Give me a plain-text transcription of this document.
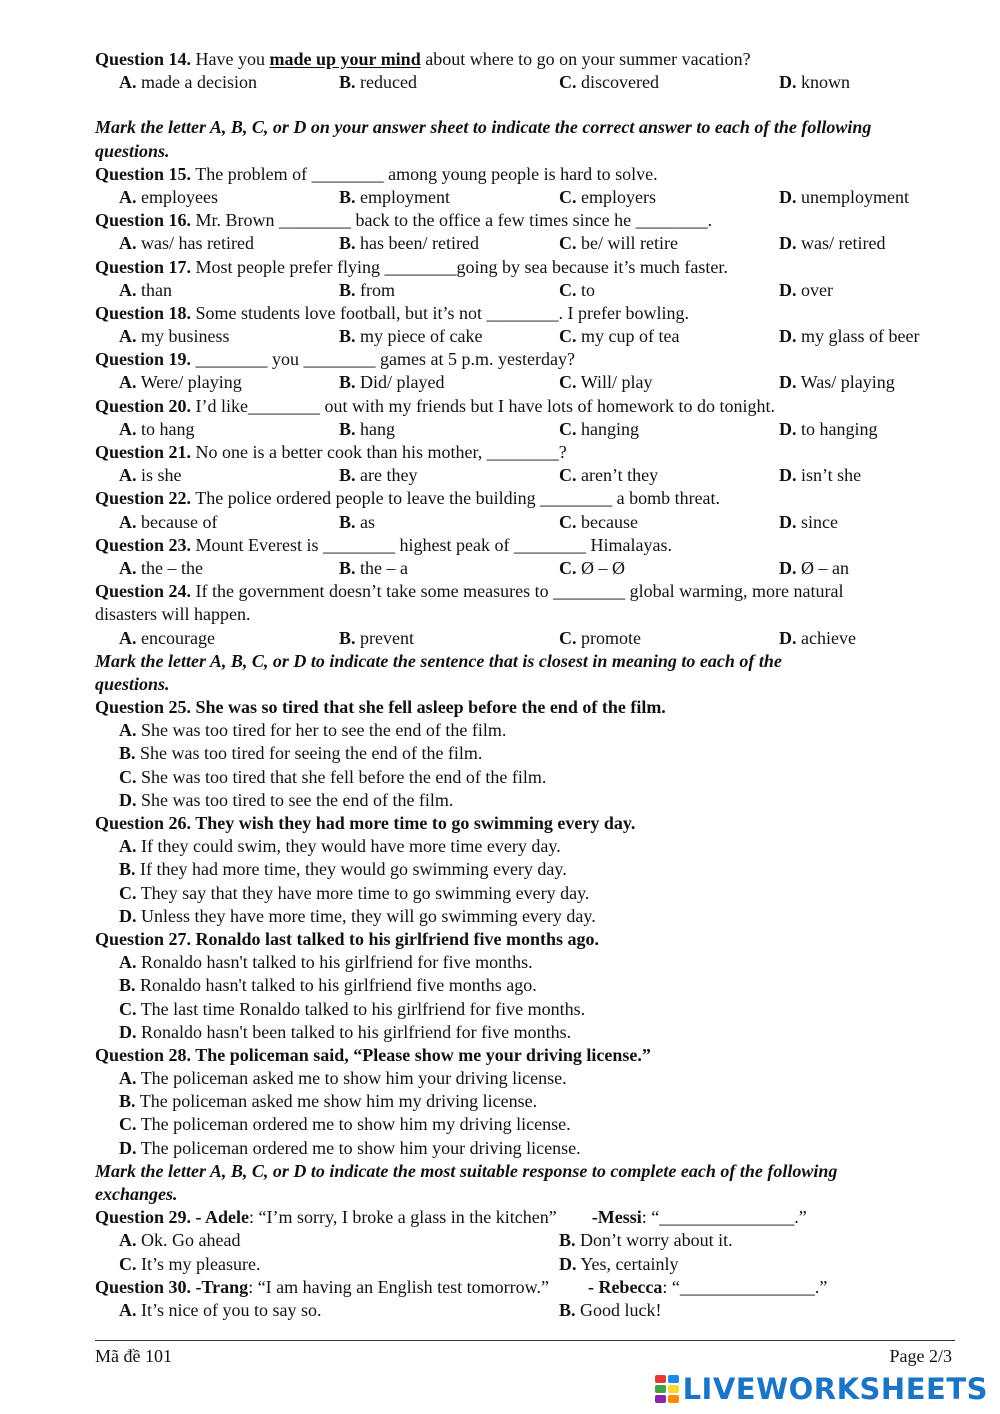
Question 14. Have you made up your mind about where to go on your summer vacation?
A. made a decision	B. reduced	C. discovered	D. known
Mark the letter A, B, C, or D on your answer sheet to indicate the correct answer to each of the following
questions.
Question 15. The problem of ________ among young people is hard to solve.
A. employees	B. employment	C. employers	D. unemployment
Question 16. Mr. Brown ________ back to the office a few times since he ________.
A. was/ has retired	B. has been/ retired	C. be/ will retire	D. was/ retired
Question 17. Most people prefer flying ________going by sea because it’s much faster.
A. than	B. from	C. to	D. over
Question 18. Some students love football, but it’s not ________. I prefer bowling.
A. my business	B. my piece of cake	C. my cup of tea	D. my glass of beer
Question 19. ________ you ________ games at 5 p.m. yesterday?
A. Were/ playing	B. Did/ played	C. Will/ play	D. Was/ playing
Question 20. I’d like________ out with my friends but I have lots of homework to do tonight.
A. to hang	B. hang	C. hanging	D. to hanging
Question 21. No one is a better cook than his mother, ________?
A. is she	B. are they	C. aren’t they	D. isn’t she
Question 22. The police ordered people to leave the building ________ a bomb threat.
A. because of	B. as	C. because	D. since
Question 23. Mount Everest is ________ highest peak of ________ Himalayas.
A. the – the	B. the – a	C. Ø – Ø	D. Ø – an
Question 24. If the government doesn’t take some measures to ________ global warming, more natural
disasters will happen.
A. encourage	B. prevent	C. promote	D. achieve
Mark the letter A, B, C, or D to indicate the sentence that is closest in meaning to each of the
questions.
Question 25. She was so tired that she fell asleep before the end of the film.
A. She was too tired for her to see the end of the film.
B. She was too tired for seeing the end of the film.
C. She was too tired that she fell before the end of the film.
D. She was too tired to see the end of the film.
Question 26. They wish they had more time to go swimming every day.
A. If they could swim, they would have more time every day.
B. If they had more time, they would go swimming every day.
C. They say that they have more time to go swimming every day.
D. Unless they have more time, they will go swimming every day.
Question 27. Ronaldo last talked to his girlfriend five months ago.
A. Ronaldo hasn't talked to his girlfriend for five months.
B. Ronaldo hasn't talked to his girlfriend five months ago.
C. The last time Ronaldo talked to his girlfriend for five months.
D. Ronaldo hasn't been talked to his girlfriend for five months.
Question 28. The policeman said, “Please show me your driving license.”
A. The policeman asked me to show him your driving license.
B. The policeman asked me show him my driving license.
C. The policeman ordered me to show him my driving license.
D. The policeman ordered me to show him your driving license.
Mark the letter A, B, C, or D to indicate the most suitable response to complete each of the following
exchanges.
Question 29. - Adele: “I’m sorry, I broke a glass in the kitchen” -Messi: “_______________.”
A. Ok. Go ahead	B. Don’t worry about it.
C. It’s my pleasure.	D. Yes, certainly
Question 30. -Trang: “I am having an English test tomorrow.” - Rebecca: “_______________.”
A. It’s nice of you to say so.	B. Good luck!
Mã đề 101	Page 2/3
LIVEWORKSHEETS
